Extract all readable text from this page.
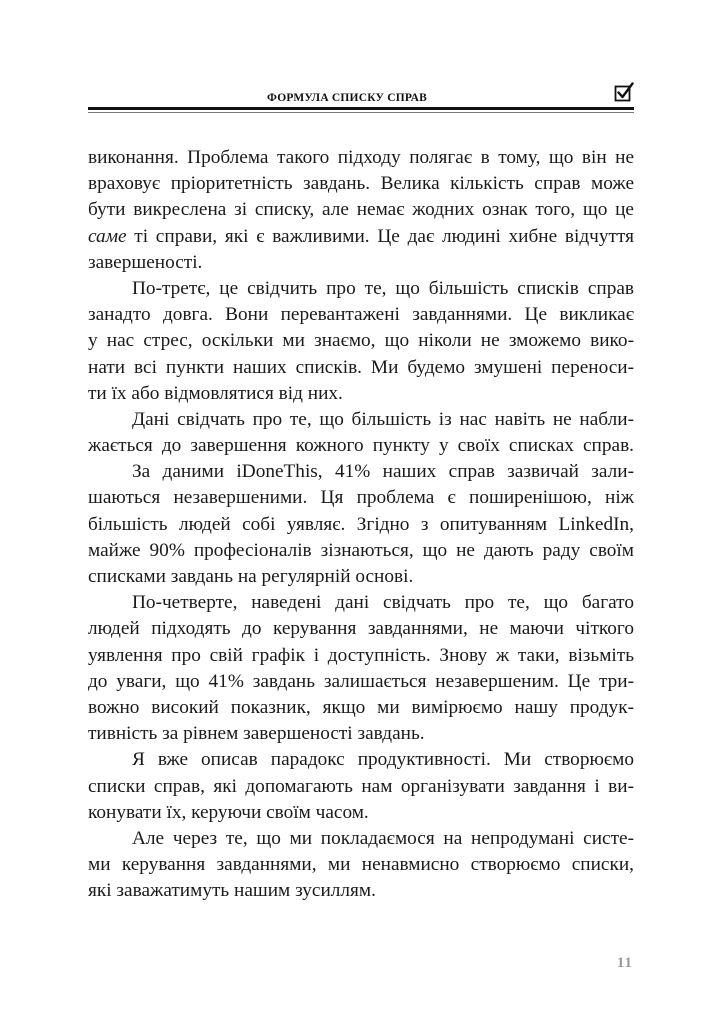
ФОРМУЛА СПИСКУ СПРАВ
виконання. Проблема такого підходу полягає в тому, що він не
враховує пріоритетність завдань. Велика кількість справ може
бути викреслена зі списку, але немає жодних ознак того, що це
саме ті справи, які є важливими. Це дає людині хибне відчуття
завершеності.
По-третє, це свідчить про те, що більшість списків справ
занадто довга. Вони перевантажені завданнями. Це викликає
у нас стрес, оскільки ми знаємо, що ніколи не зможемо вико-
нати всі пункти наших списків. Ми будемо змушені переноси-
ти їх або відмовлятися від них.
Дані свідчать про те, що більшість із нас навіть не набли-
жається до завершення кожного пункту у своїх списках справ.
За даними iDoneThis, 41% наших справ зазвичай зали-
шаються незавершеними. Ця проблема є поширенішою, ніж
більшість людей собі уявляє. Згідно з опитуванням LinkedIn,
майже 90% професіоналів зізнаються, що не дають раду своїм
списками завдань на регулярній основі.
По-четверте, наведені дані свідчать про те, що багато
людей підходять до керування завданнями, не маючи чіткого
уявлення про свій графік і доступність. Знову ж таки, візьміть
до уваги, що 41% завдань залишається незавершеним. Це три-
вожно високий показник, якщо ми вимірюємо нашу продук-
тивність за рівнем завершеності завдань.
Я вже описав парадокс продуктивності. Ми створюємо
списки справ, які допомагають нам організувати завдання і ви-
конувати їх, керуючи своїм часом.
Але через те, що ми покладаємося на непродумані систе-
ми керування завданнями, ми ненавмисно створюємо списки,
які заважатимуть нашим зусиллям.
11
